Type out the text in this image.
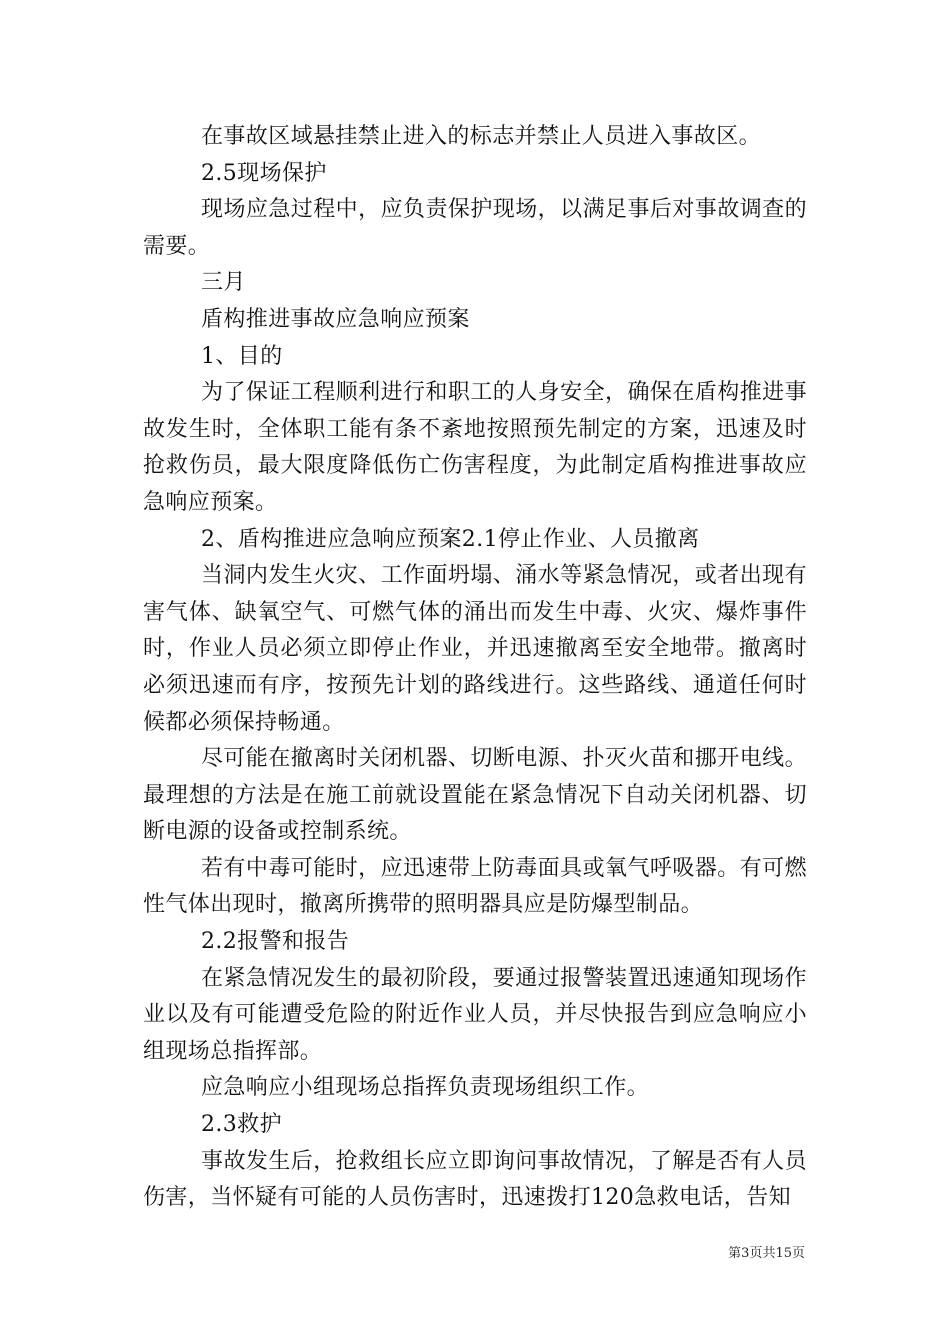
在事故区域悬挂禁止进入的标志并禁止人员进入事故区。

2.5现场保护

现场应急过程中，应负责保护现场，以满足事后对事故调查的需要。

三月

盾构推进事故应急响应预案

1、目的

为了保证工程顺利进行和职工的人身安全，确保在盾构推进事故发生时，全体职工能有条不紊地按照预先制定的方案，迅速及时抢救伤员，最大限度降低伤亡伤害程度，为此制定盾构推进事故应急响应预案。

2、盾构推进应急响应预案2.1停止作业、人员撤离

当洞内发生火灾、工作面坍塌、涌水等紧急情况，或者出现有害气体、缺氧空气、可燃气体的涌出而发生中毒、火灾、爆炸事件时，作业人员必须立即停止作业，并迅速撤离至安全地带。撤离时必须迅速而有序，按预先计划的路线进行。这些路线、通道任何时候都必须保持畅通。

尽可能在撤离时关闭机器、切断电源、扑灭火苗和挪开电线。最理想的方法是在施工前就设置能在紧急情况下自动关闭机器、切断电源的设备或控制系统。

若有中毒可能时，应迅速带上防毒面具或氧气呼吸器。有可燃性气体出现时，撤离所携带的照明器具应是防爆型制品。

2.2报警和报告

在紧急情况发生的最初阶段，要通过报警装置迅速通知现场作业以及有可能遭受危险的附近作业人员，并尽快报告到应急响应小组现场总指挥部。

应急响应小组现场总指挥负责现场组织工作。

2.3救护

事故发生后，抢救组长应立即询问事故情况，了解是否有人员伤害，当怀疑有可能的人员伤害时，迅速拨打120急救电话，告知

第3页共15页
